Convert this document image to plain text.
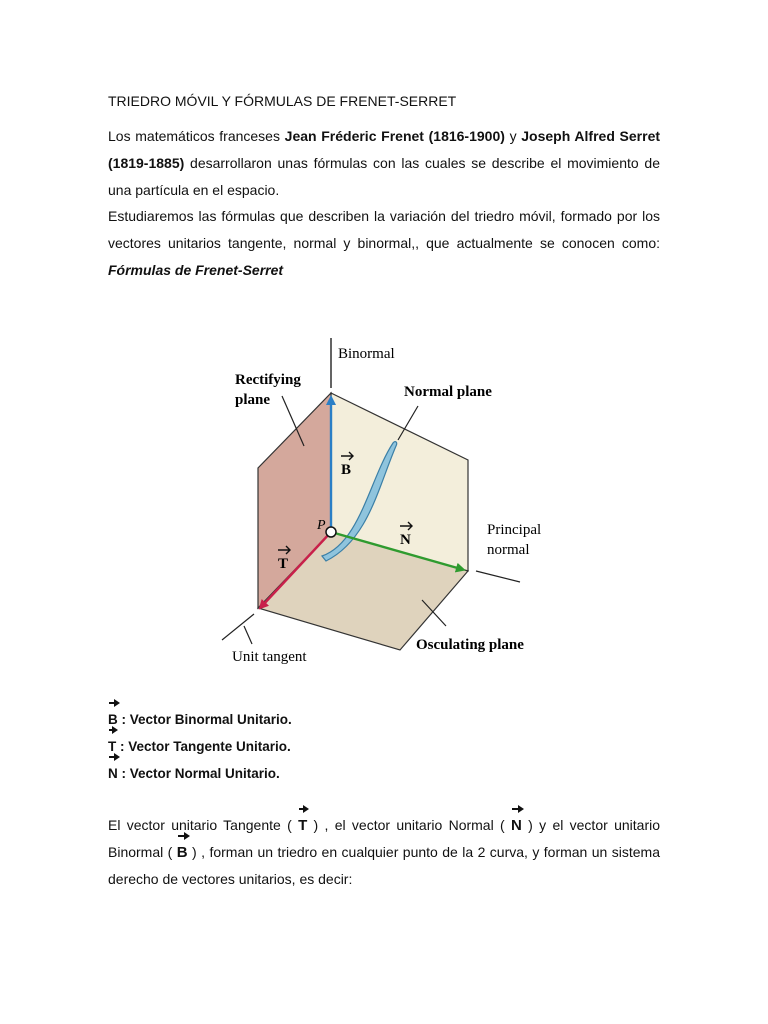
TRIEDRO MÓVIL Y FÓRMULAS DE FRENET-SERRET

Los matemáticos franceses Jean Fréderic Frenet (1816-1900) y Joseph Alfred Serret (1819-1885) desarrollaron unas fórmulas con las cuales se describe el movimiento de una partícula en el espacio.

Estudiaremos las fórmulas que describen la variación del triedro móvil, formado por los vectores unitarios tangente, normal y binormal,, que actualmente se conocen como: Fórmulas de Frenet-Serret

Binormal
Rectifying
plane	Normal plane
P
B
T
N
Principal
normal
Unit tangent
Osculating plane
B : Vector Binormal Unitario.
T : Vector Tangente Unitario.
N : Vector Normal Unitario.

El vector unitario Tangente ( T ) , el vector unitario Normal ( N ) y el vector unitario Binormal ( B ) , forman un triedro en cualquier punto de la 2 curva, y forman un sistema derecho de vectores unitarios, es decir:
